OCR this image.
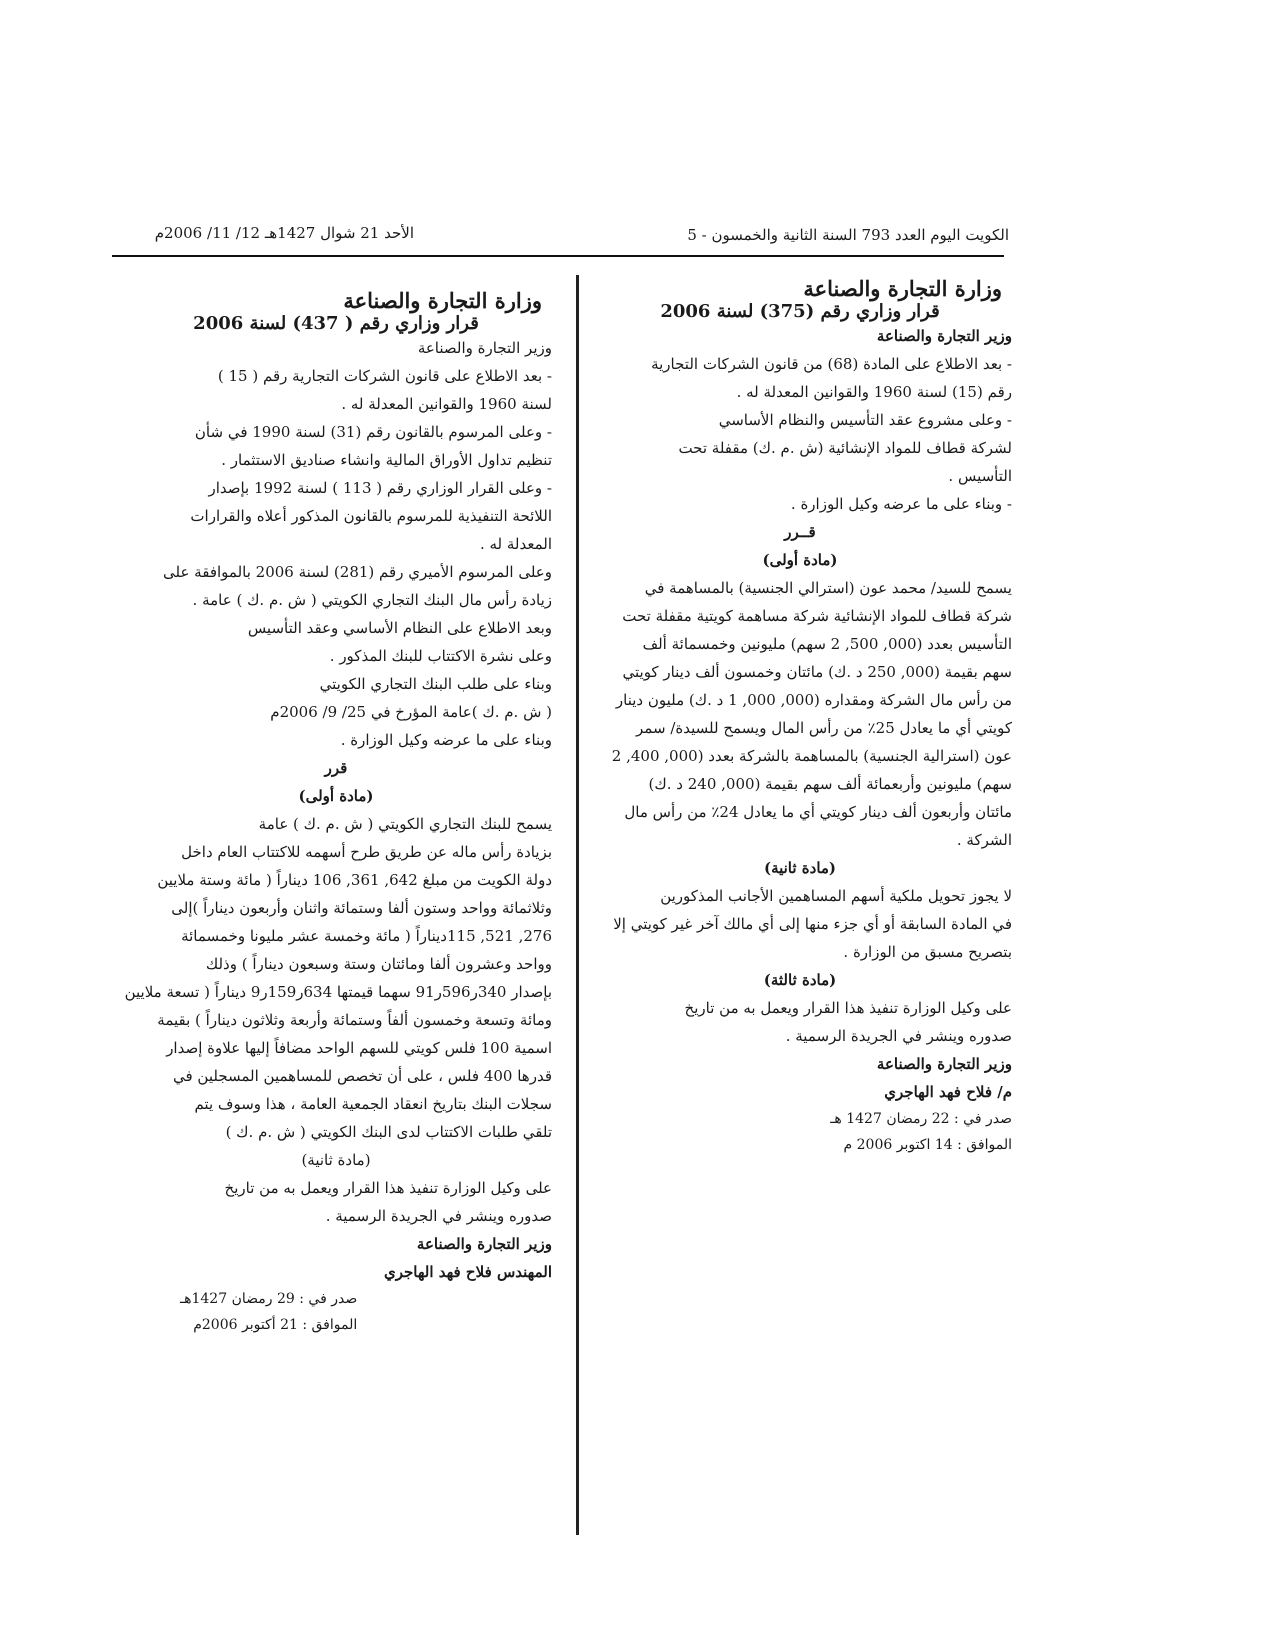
الكويت اليوم العدد 793 السنة الثانية والخمسون - 5
الأحد 21 شوال 1427هـ 12/ 11/ 2006م
وزارة التجارة والصناعة
قرار وزاري رقم (375) لسنة 2006
وزير التجارة والصناعة
- بعد الاطلاع على المادة (68) من قانون الشركات التجارية
رقم (15) لسنة 1960 والقوانين المعدلة له .
- وعلى مشروع عقد التأسيس والنظام الأساسي
لشركة قطاف للمواد الإنشائية (ش .م .ك) مقفلة تحت
التأسيس .
- وبناء على ما عرضه وكيل الوزارة .
قــرر
(مادة أولى)
يسمح للسيد/ محمد عون (استرالي الجنسية) بالمساهمة في
شركة قطاف للمواد الإنشائية شركة مساهمة كويتية مقفلة تحت
التأسيس بعدد (000, 500, 2 سهم) مليونين وخمسمائة ألف
سهم بقيمة (000, 250 د .ك) مائتان وخمسون ألف دينار كويتي
من رأس مال الشركة ومقداره (000, 000, 1 د .ك) مليون دينار
كويتي أي ما يعادل 25٪ من رأس المال ويسمح للسيدة/ سمر
عون (استرالية الجنسية) بالمساهمة بالشركة بعدد (000, 400, 2
سهم) مليونين وأربعمائة ألف سهم بقيمة (000, 240 د .ك)
مائتان وأربعون ألف دينار كويتي أي ما يعادل 24٪ من رأس مال
الشركة .
(مادة ثانية)
لا يجوز تحويل ملكية أسهم المساهمين الأجانب المذكورين
في المادة السابقة أو أي جزء منها إلى أي مالك آخر غير كويتي إلا
بتصريح مسبق من الوزارة .
(مادة ثالثة)
على وكيل الوزارة تنفيذ هذا القرار ويعمل به من تاريخ
صدوره وينشر في الجريدة الرسمية .
وزير التجارة والصناعة
م/ فلاح فهد الهاجري
صدر في : 22 رمضان 1427 هـ
الموافق : 14 اكتوبر 2006 م
وزارة التجارة والصناعة
قرار وزاري رقم ( 437) لسنة 2006
وزير التجارة والصناعة
- بعد الاطلاع على قانون الشركات التجارية رقم ( 15 )
لسنة 1960 والقوانين المعدلة له .
- وعلى المرسوم بالقانون رقم (31) لسنة 1990 في شأن
تنظيم تداول الأوراق المالية وانشاء صناديق الاستثمار .
- وعلى القرار الوزاري رقم ( 113 ) لسنة 1992 بإصدار
اللائحة التنفيذية للمرسوم بالقانون المذكور أعلاه والقرارات
المعدلة له .
وعلى المرسوم الأميري رقم (281) لسنة 2006 بالموافقة على
زيادة رأس مال البنك التجاري الكويتي ( ش .م .ك ) عامة .
وبعد الاطلاع على النظام الأساسي وعقد التأسيس
وعلى نشرة الاكتتاب للبنك المذكور .
وبناء على طلب البنك التجاري الكويتي
( ش .م .ك )عامة المؤرخ في 25/ 9/ 2006م
وبناء على ما عرضه وكيل الوزارة .
قرر
(مادة أولى)
يسمح للبنك التجاري الكويتي ( ش .م .ك ) عامة
بزيادة رأس ماله عن طريق طرح أسهمه للاكتتاب العام داخل
دولة الكويت من مبلغ 642, 361, 106 ديناراً ( مائة وستة ملايين
وثلاثمائة وواحد وستون ألفا وستمائة واثنان وأربعون ديناراً )إلى
276, 521, 115ديناراً ( مائة وخمسة عشر مليونا وخمسمائة
وواحد وعشرون ألفا ومائتان وستة وسبعون ديناراً ) وذلك
بإصدار 340ر596ر91 سهما قيمتها 634ر159ر9 ديناراً ( تسعة ملايين
ومائة وتسعة وخمسون ألفاً وستمائة وأربعة وثلاثون ديناراً ) بقيمة
اسمية 100 فلس كويتي للسهم الواحد مضافاً إليها علاوة إصدار
قدرها 400 فلس ، على أن تخصص للمساهمين المسجلين في
سجلات البنك بتاريخ انعقاد الجمعية العامة ، هذا وسوف يتم
تلقي طلبات الاكتتاب لدى البنك الكويتي ( ش .م .ك )
(مادة ثانية)
على وكيل الوزارة تنفيذ هذا القرار ويعمل به من تاريخ
صدوره وينشر في الجريدة الرسمية .
وزير التجارة والصناعة
المهندس فلاح فهد الهاجري
صدر في : 29 رمضان 1427هـ
الموافق : 21 أكتوبر 2006م
